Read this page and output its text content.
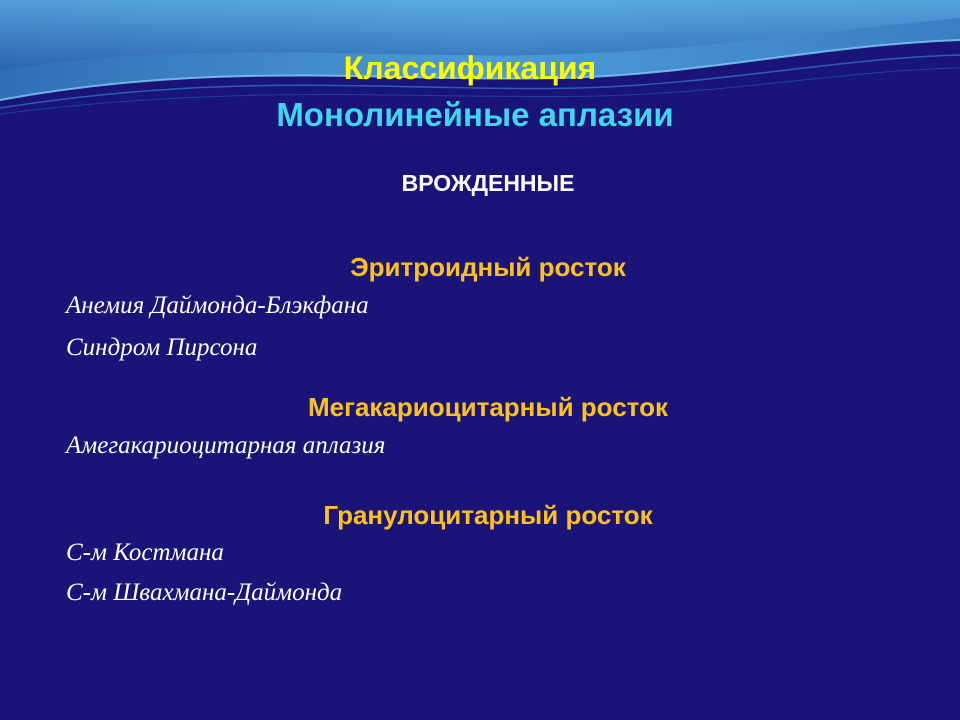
Классификация

Монолинейные аплазии

ВРОЖДЕННЫЕ

Эритроидный росток

Анемия Даймонда-Блэкфана

Синдром Пирсона

Мегакариоцитарный росток

Амегакариоцитарная аплазия

Гранулоцитарный росток

С-м Костмана

С-м Швахмана-Даймонда
